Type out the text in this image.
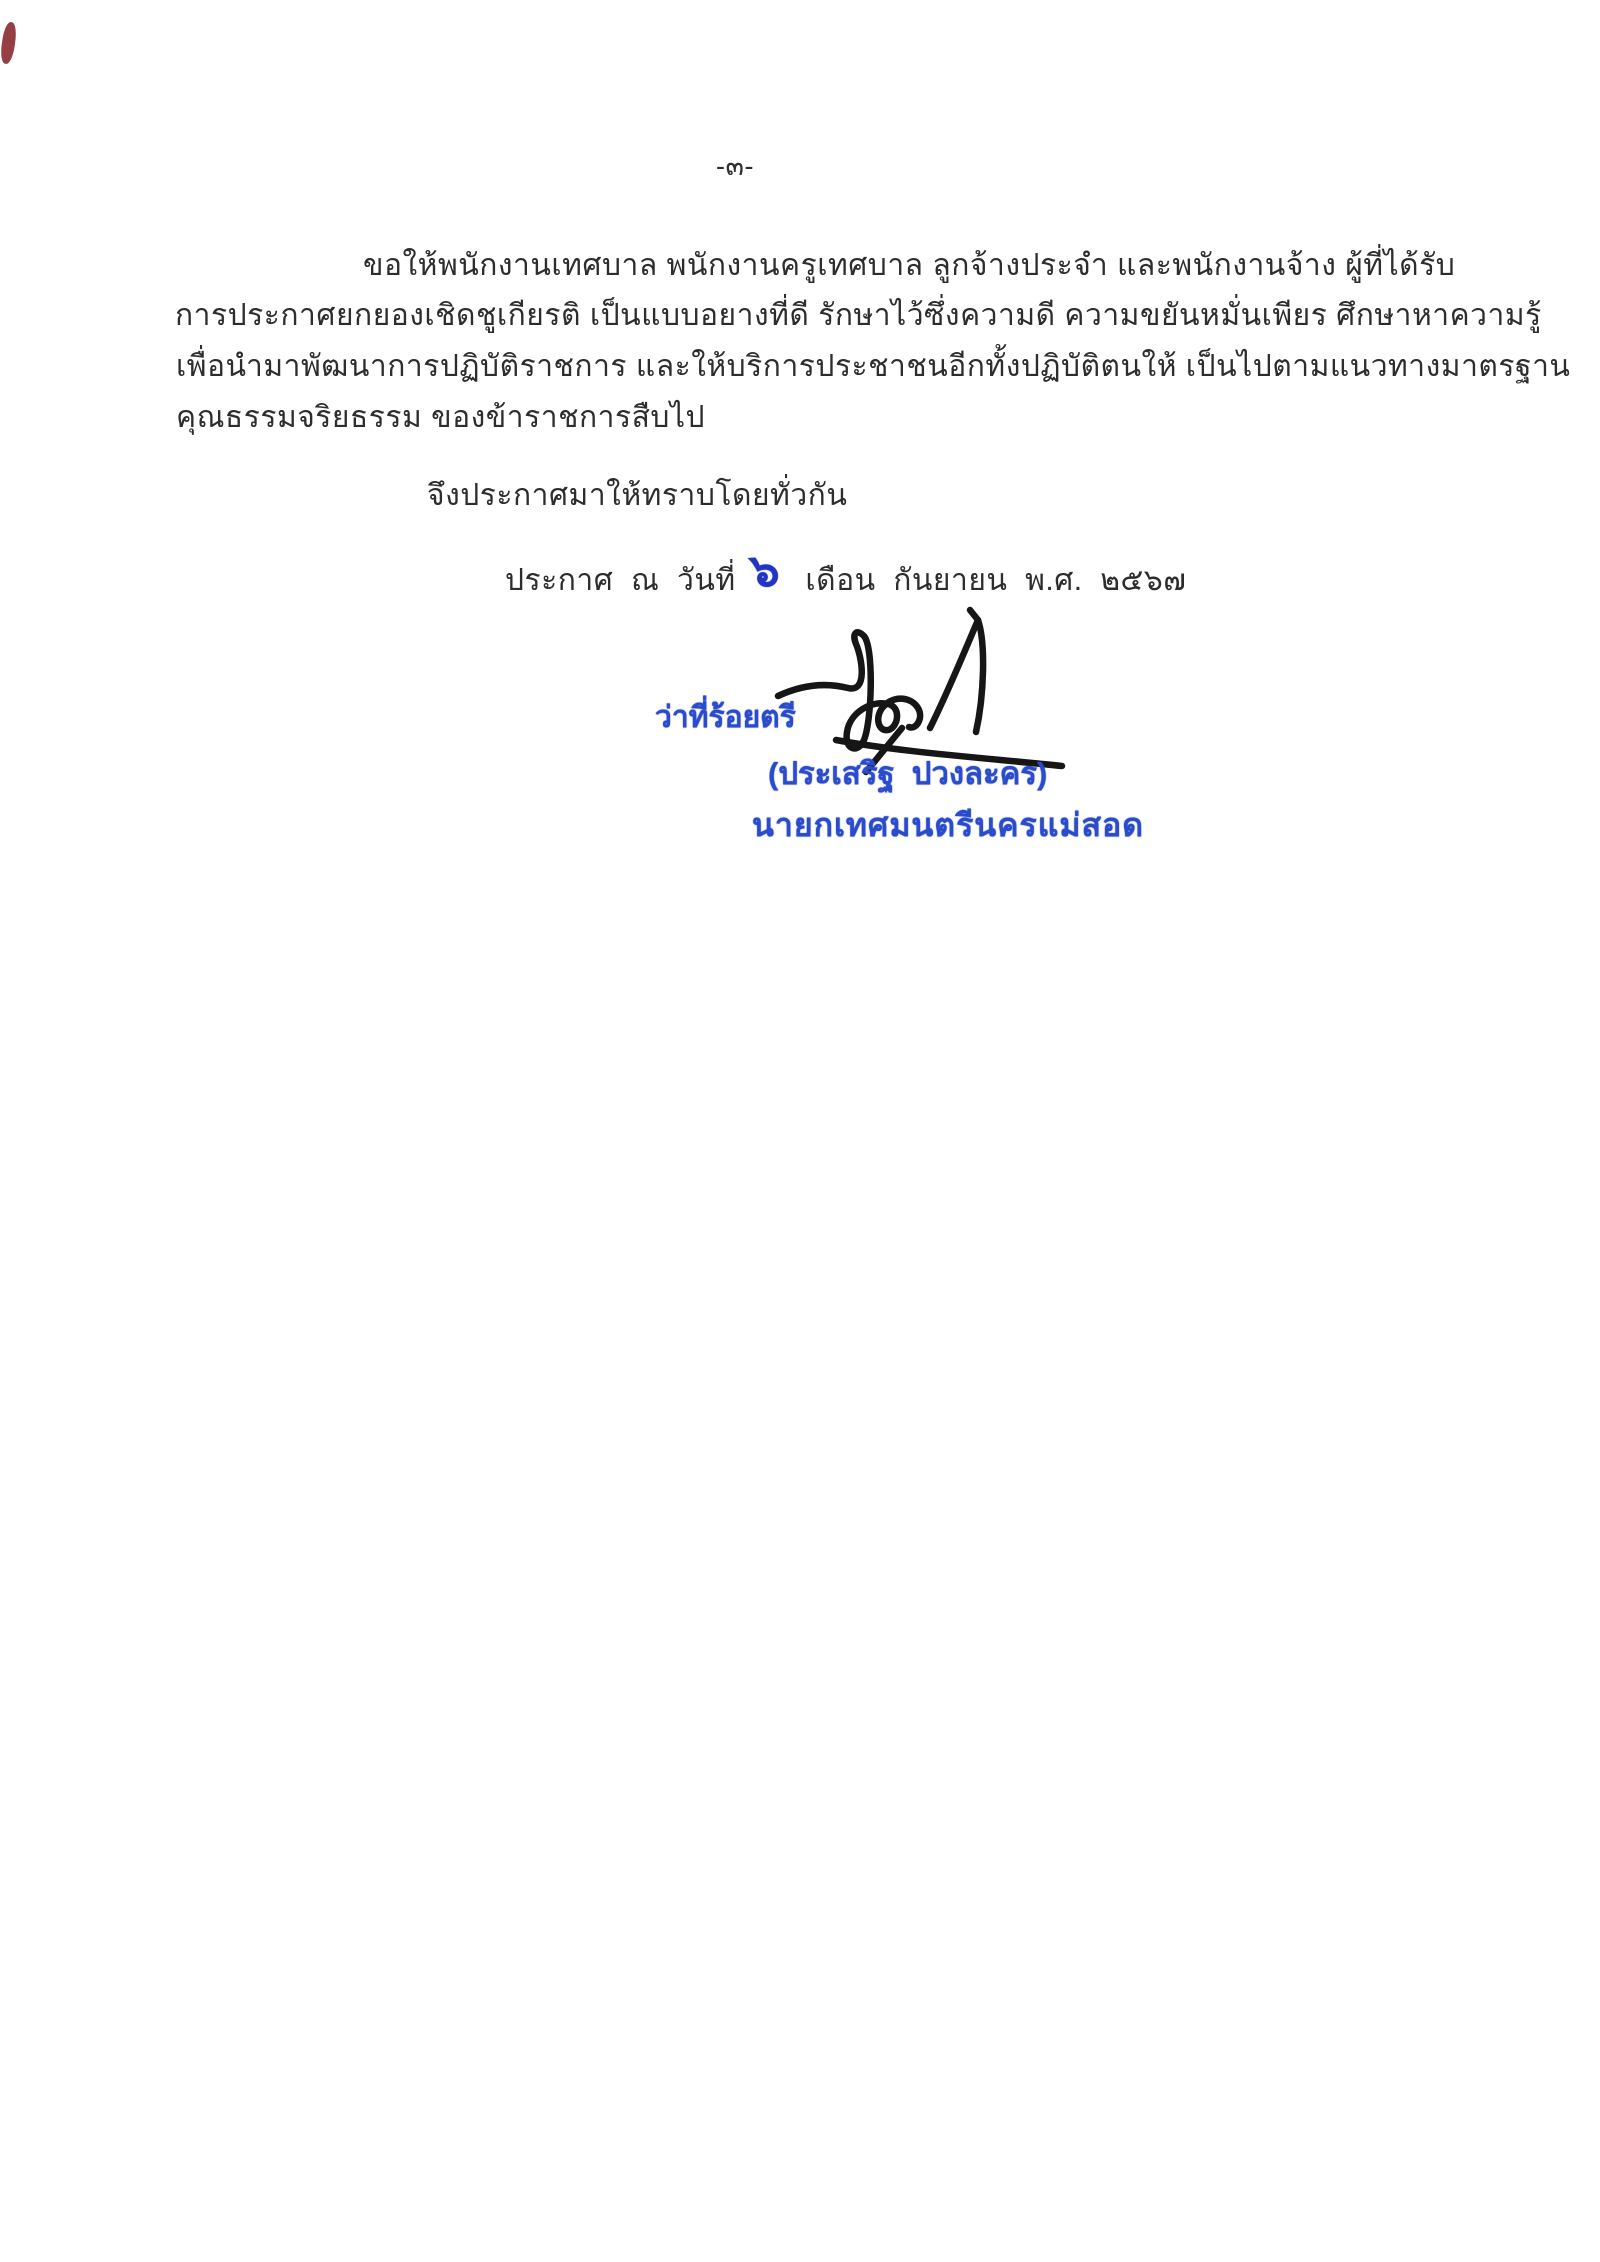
-๓-
ขอให้พนักงานเทศบาล พนักงานครูเทศบาล ลูกจ้างประจำ และพนักงานจ้าง ผู้ที่ได้รับ
การประกาศยกยองเชิดชูเกียรติ เป็นแบบอยางที่ดี รักษาไว้ซึ่งความดี ความขยันหมั่นเพียร ศึกษาหาความรู้
เพื่อนำมาพัฒนาการปฏิบัติราชการ และให้บริการประชาชนอีกทั้งปฏิบัติตนให้ เป็นไปตามแนวทางมาตรฐาน
คุณธรรมจริยธรรม ของข้าราชการสืบไป
จึงประกาศมาให้ทราบโดยทั่วกัน
ประกาศ  ณ  วันที่ ๖ เดือน  กันยายน  พ.ศ.  ๒๕๖๗
ว่าที่ร้อยตรี
(ประเสริฐ  ปวงละคร)
นายกเทศมนตรีนครแม่สอด
